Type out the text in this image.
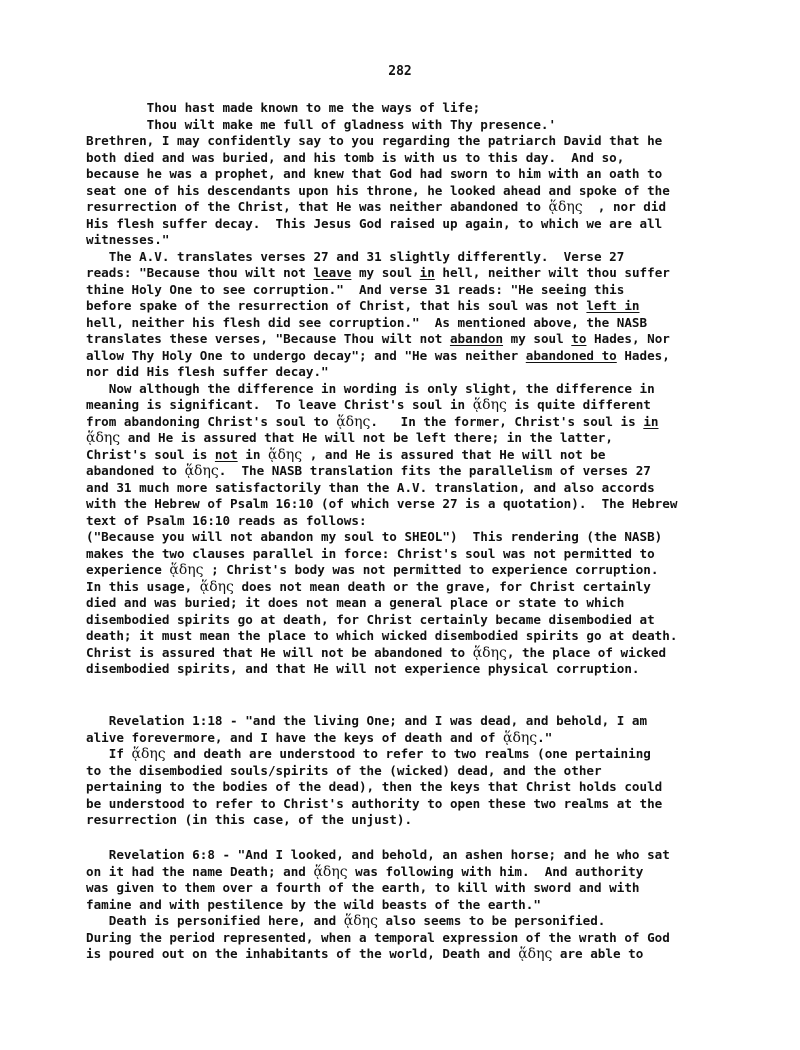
282
Thou hast made known to me the ways of life;
Thou wilt make me full of gladness with Thy presence.'
Brethren, I may confidently say to you regarding the patriarch David that he
both died and was buried, and his tomb is with us to this day.  And so,
because he was a prophet, and knew that God had sworn to him with an oath to
seat one of his descendants upon his throne, he looked ahead and spoke of the
resurrection of the Christ, that He was neither abandoned to ᾅδης  , nor did
His flesh suffer decay.  This Jesus God raised up again, to which we are all
witnesses."
The A.V. translates verses 27 and 31 slightly differently.  Verse 27
reads: "Because thou wilt not leave my soul in hell, neither wilt thou suffer
thine Holy One to see corruption."  And verse 31 reads: "He seeing this
before spake of the resurrection of Christ, that his soul was not left in
hell, neither his flesh did see corruption."  As mentioned above, the NASB
translates these verses, "Because Thou wilt not abandon my soul to Hades, Nor
allow Thy Holy One to undergo decay"; and "He was neither abandoned to Hades,
nor did His flesh suffer decay."
Now although the difference in wording is only slight, the difference in
meaning is significant.  To leave Christ's soul in ᾅδης is quite different
from abandoning Christ's soul to ᾅδης.   In the former, Christ's soul is in
ᾅδης and He is assured that He will not be left there; in the latter,
Christ's soul is not in ᾅδης , and He is assured that He will not be
abandoned to ᾅδης.  The NASB translation fits the parallelism of verses 27
and 31 much more satisfactorily than the A.V. translation, and also accords
with the Hebrew of Psalm 16:10 (of which verse 27 is a quotation).  The Hebrew
text of Psalm 16:10 reads as follows:
("Because you will not abandon my soul to SHEOL")  This rendering (the NASB)
makes the two clauses parallel in force: Christ's soul was not permitted to
experience ᾅδης ; Christ's body was not permitted to experience corruption.
In this usage, ᾅδης does not mean death or the grave, for Christ certainly
died and was buried; it does not mean a general place or state to which
disembodied spirits go at death, for Christ certainly became disembodied at
death; it must mean the place to which wicked disembodied spirits go at death.
Christ is assured that He will not be abandoned to ᾅδης, the place of wicked
disembodied spirits, and that He will not experience physical corruption.
Revelation 1:18 - "and the living One; and I was dead, and behold, I am
alive forevermore, and I have the keys of death and of ᾅδης."
If ᾅδης and death are understood to refer to two realms (one pertaining
to the disembodied souls/spirits of the (wicked) dead, and the other
pertaining to the bodies of the dead), then the keys that Christ holds could
be understood to refer to Christ's authority to open these two realms at the
resurrection (in this case, of the unjust).
Revelation 6:8 - "And I looked, and behold, an ashen horse; and he who sat
on it had the name Death; and ᾅδης was following with him.  And authority
was given to them over a fourth of the earth, to kill with sword and with
famine and with pestilence by the wild beasts of the earth."
Death is personified here, and ᾅδης also seems to be personified.
During the period represented, when a temporal expression of the wrath of God
is poured out on the inhabitants of the world, Death and ᾅδης are able to
